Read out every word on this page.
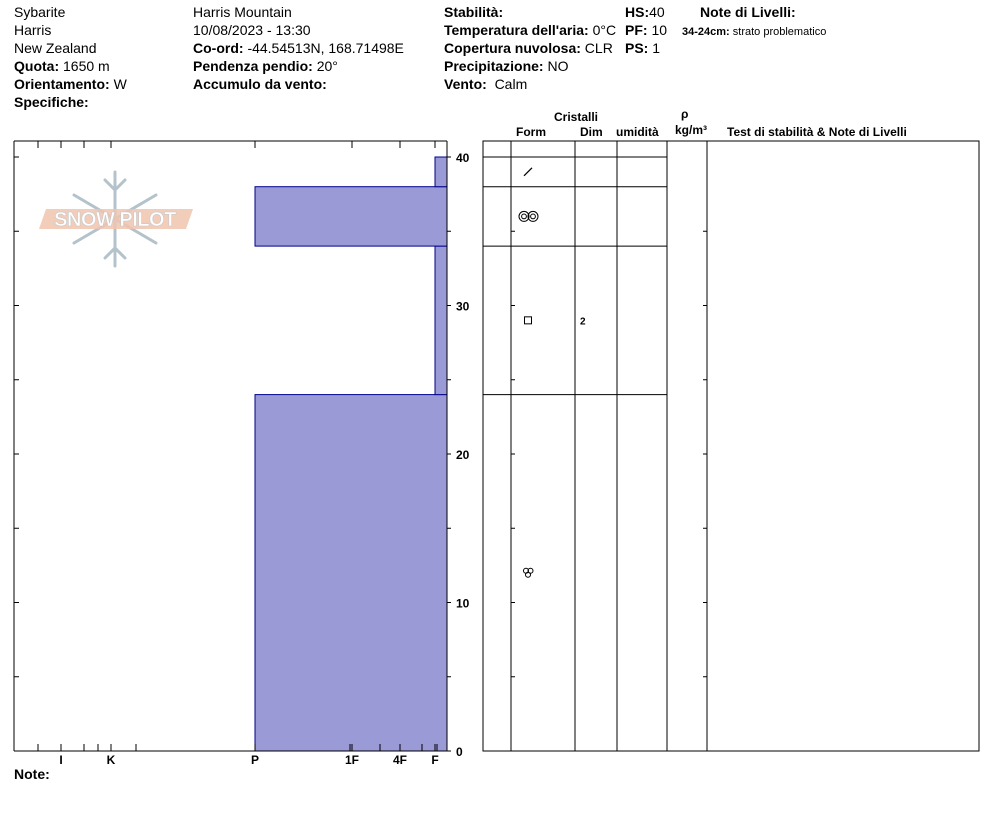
Sybarite
Harris
New Zealand
Quota: 1650 m
Orientamento: W
Specifiche:
Harris Mountain
10/08/2023 - 13:30
Co-ord: -44.54513N, 168.71498E
Pendenza pendio: 20°
Accumulo da vento:
Stabilità:
Temperatura dell'aria: 0°C
Copertura nuvolosa: CLR
Precipitazione: NO
Vento: Calm
HS:40
PF: 10
PS: 1
Note di Livelli:
34-24cm: strato problematico
Cristalli
Form	Dim umidità
ρ
kg/m³ Test di stabilità & Note di Livelli
SNOW PILOT
0
10
20
30
40
I	K	P	1F	4F F
2
Note:
